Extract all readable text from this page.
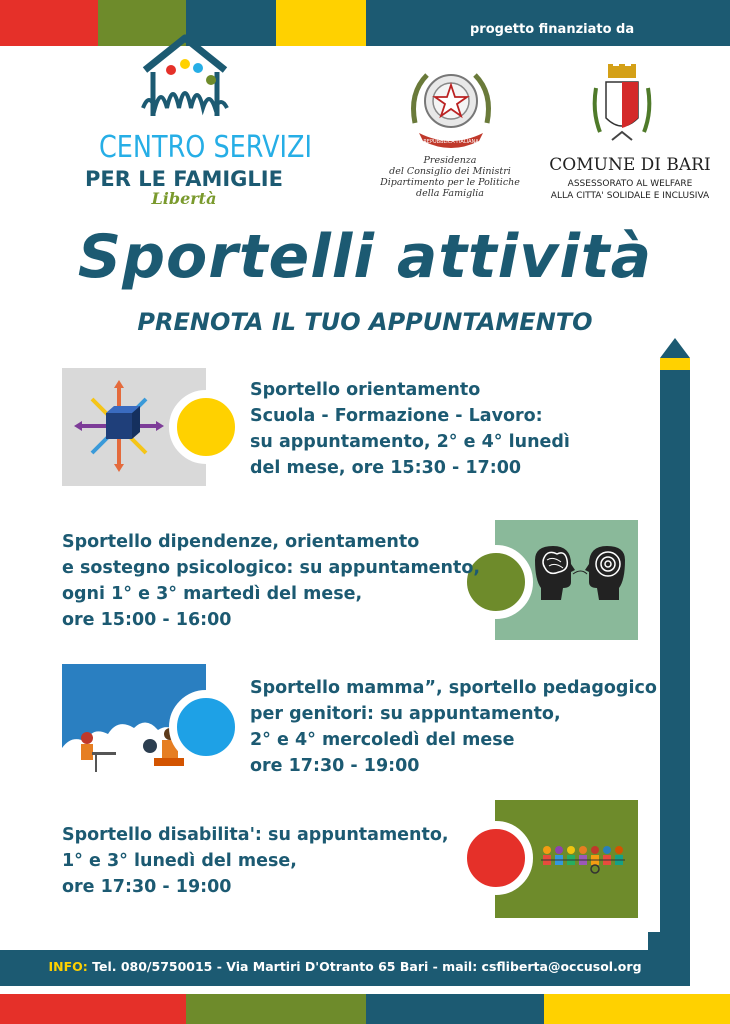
progetto finanziato da
CENTRO SERVIZI
PER LE FAMIGLIE
Libertà
REPUBBLICA ITALIANA
Presidenza
del Consiglio dei Ministri
Dipartimento per le Politiche
della Famiglia
COMUNE DI BARI
ASSESSORATO AL WELFARE
ALLA CITTA' SOLIDALE E INCLUSIVA
Sportelli attività
PRENOTA IL TUO APPUNTAMENTO
INFO: Tel. 080/5750015 - Via Martiri D'Otranto 65 Bari - mail: csfliberta@occusol.org
Sportello orientamento
Scuola - Formazione - Lavoro:
su appuntamento, 2° e 4° lunedì
del mese, ore 15:30 - 17:00
Sportello dipendenze, orientamento
e sostegno psicologico: su appuntamento,
ogni 1° e 3° martedì del mese,
ore 15:00 - 16:00
Sportello mamma”, sportello pedagogico
per genitori: su appuntamento,
2° e 4° mercoledì del mese
ore 17:30 - 19:00
Sportello disabilita': su appuntamento,
1° e 3° lunedì del mese,
ore 17:30 - 19:00
